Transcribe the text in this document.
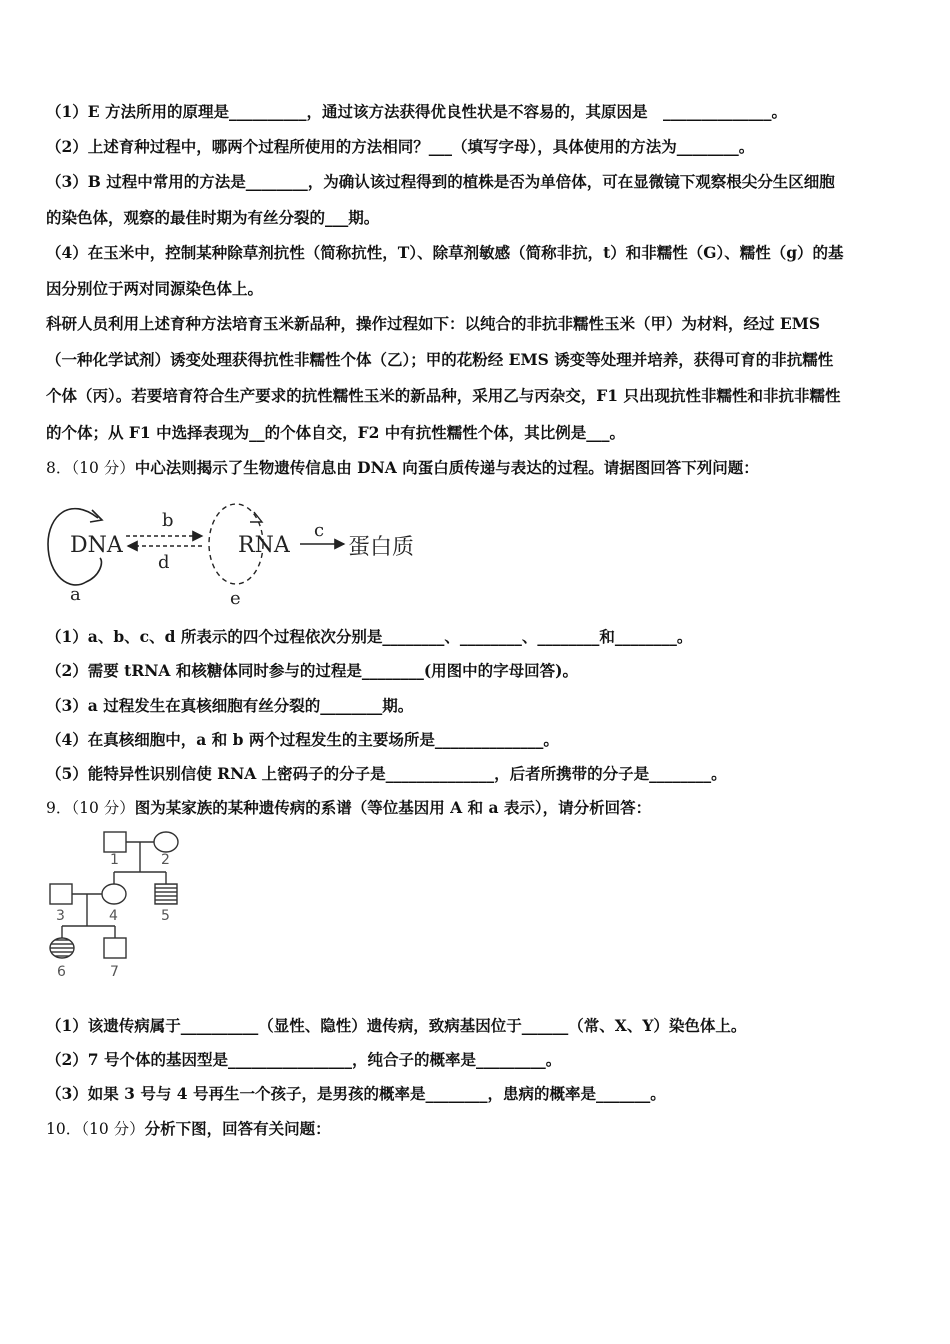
（1）E 方法所用的原理是__________，通过该方法获得优良性状是不容易的，其原因是　______________。
（2）上述育种过程中，哪两个过程所使用的方法相同？___（填写字母），具体使用的方法为________。
（3）B 过程中常用的方法是________，为确认该过程得到的植株是否为单倍体，可在显微镜下观察根尖分生区细胞
的染色体，观察的最佳时期为有丝分裂的___期。
（4）在玉米中，控制某种除草剂抗性（简称抗性，T）、除草剂敏感（简称非抗，t）和非糯性（G）、糯性（g）的基
因分别位于两对同源染色体上。
科研人员利用上述育种方法培育玉米新品种，操作过程如下：以纯合的非抗非糯性玉米（甲）为材料，经过 EMS
（一种化学试剂）诱变处理获得抗性非糯性个体（乙）；甲的花粉经 EMS 诱变等处理并培养，获得可育的非抗糯性
个体（丙）。若要培育符合生产要求的抗性糯性玉米的新品种，采用乙与丙杂交，F1 只出现抗性非糯性和非抗非糯性
的个体；从 F1 中选择表现为__的个体自交，F2 中有抗性糯性个体，其比例是___。
8．（10 分）中心法则揭示了生物遗传信息由 DNA 向蛋白质传递与表达的过程。请据图回答下列问题：
DNA
a
b
d
RNA
e
c
蛋白质
（1）a、b、c、d 所表示的四个过程依次分别是________、________、________和________。
（2）需要 tRNA 和核糖体同时参与的过程是________(用图中的字母回答)。
（3）a 过程发生在真核细胞有丝分裂的________期。
（4）在真核细胞中，a 和 b 两个过程发生的主要场所是______________。
（5）能特异性识别信使 RNA 上密码子的分子是______________，后者所携带的分子是________。
9．（10 分）图为某家族的某种遗传病的系谱（等位基因用 A 和 a 表示），请分析回答：
1	2
3	4	5
6	7
（1）该遗传病属于__________（显性、隐性）遗传病，致病基因位于______（常、X、Y）染色体上。
（2）7 号个体的基因型是________________，纯合子的概率是_________。
（3）如果 3 号与 4 号再生一个孩子，是男孩的概率是________，患病的概率是_______。
10．（10 分）分析下图，回答有关问题：
